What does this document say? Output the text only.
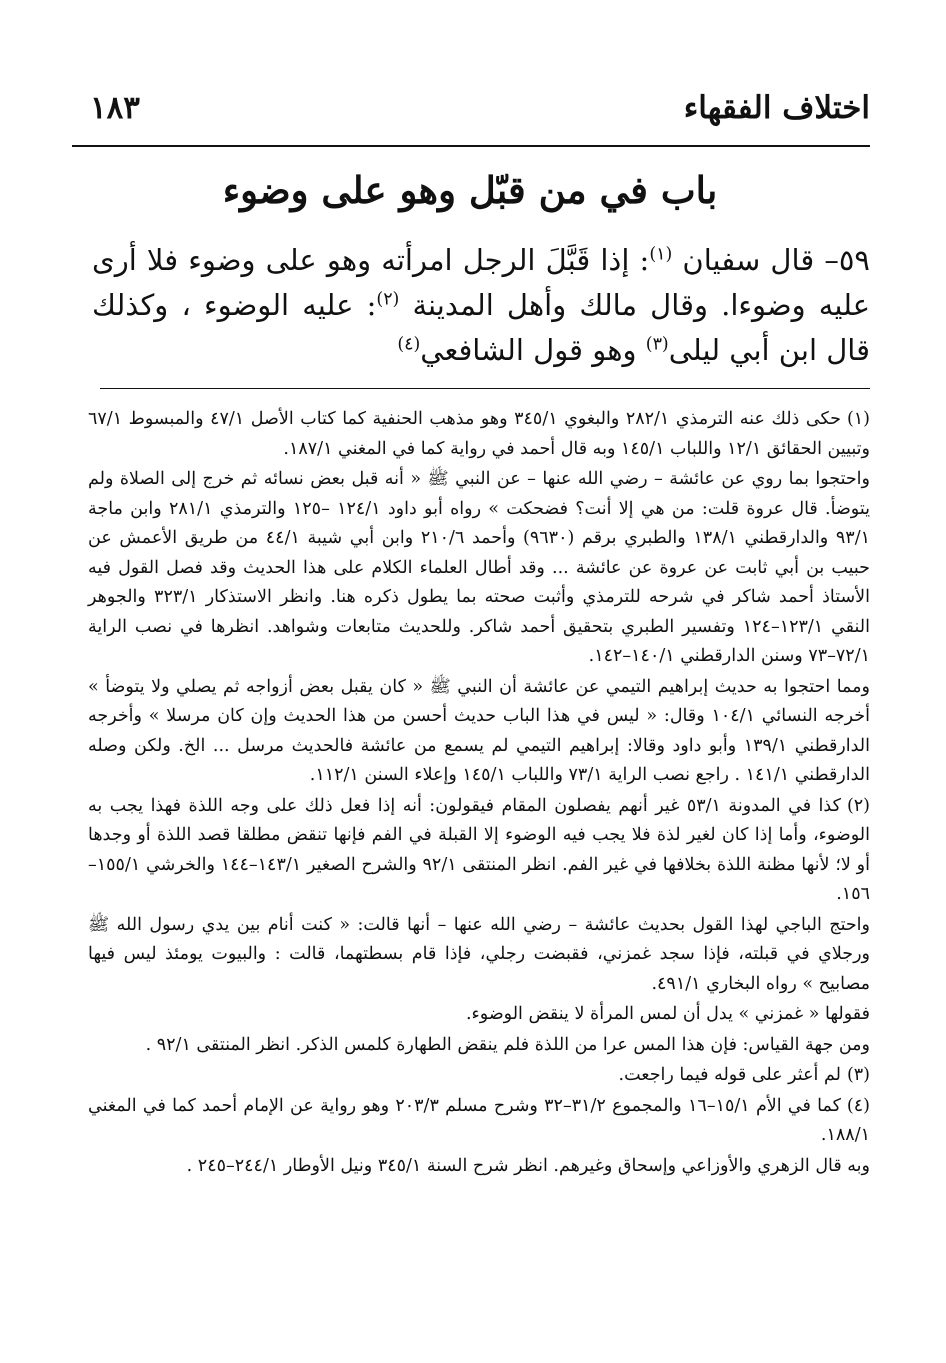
اختلاف الفقهاء
١٨٣
باب في من قبّل وهو على وضوء

٥٩– قال سفيان $^{(١)}$: إذا قَبَّلَ الرجل امرأته وهو على وضوء فلا أرى عليه وضوءا. وقال مالك وأهل المدينة $^{(٢)}$: عليه الوضوء ، وكذلك قال ابن أبي ليلى$^{(٣)}$ وهو قول الشافعي$^{(٤)}$

(١)حكى ذلك عنه الترمذي ٢٨٢/١ والبغوي ٣٤٥/١ وهو مذهب الحنفية كما كتاب الأصل ٤٧/١ والمبسوط ٦٧/١ وتبيين الحقائق ١٢/١ واللباب ١٤٥/١ وبه قال أحمد في رواية كما في المغني ١٨٧/١.

واحتجوا بما روي عن عائشة – رضي الله عنها – عن النبي ﷺ « أنه قبل بعض نسائه ثم خرج إلى الصلاة ولم يتوضأ. قال عروة قلت: من هي إلا أنت؟ فضحكت » رواه أبو داود ١٢٤/١ –١٢٥ والترمذي ٢٨١/١ وابن ماجة ٩٣/١ والدارقطني ١٣٨/١ والطبري برقم (٩٦٣٠) وأحمد ٢١٠/٦ وابن أبي شيبة ٤٤/١ من طريق الأعمش عن حبيب بن أبي ثابت عن عروة عن عائشة ... وقد أطال العلماء الكلام على هذا الحديث وقد فصل القول فيه الأستاذ أحمد شاكر في شرحه للترمذي وأثبت صحته بما يطول ذكره هنا. وانظر الاستذكار ٣٢٣/١ والجوهر النقي ١٢٣/١–١٢٤ وتفسير الطبري بتحقيق أحمد شاكر. وللحديث متابعات وشواهد. انظرها في نصب الراية ٧٢/١–٧٣ وسنن الدارقطني ١٤٠/١–١٤٢.

ومما احتجوا به حديث إبراهيم التيمي عن عائشة أن النبي ﷺ « كان يقبل بعض أزواجه ثم يصلي ولا يتوضأ » أخرجه النسائي ١٠٤/١ وقال: « ليس في هذا الباب حديث أحسن من هذا الحديث وإن كان مرسلا » وأخرجه الدارقطني ١٣٩/١ وأبو داود وقالا: إبراهيم التيمي لم يسمع من عائشة فالحديث مرسل ... الخ. ولكن وصله الدارقطني ١٤١/١ . راجع نصب الراية ٧٣/١ واللباب ١٤٥/١ وإعلاء السنن ١١٢/١.

(٢)كذا في المدونة ٥٣/١ غير أنهم يفصلون المقام فيقولون: أنه إذا فعل ذلك على وجه اللذة فهذا يجب به الوضوء، وأما إذا كان لغير لذة فلا يجب فيه الوضوء إلا القبلة في الفم فإنها تنقض مطلقا قصد اللذة أو وجدها أو لا؛ لأنها مظنة اللذة بخلافها في غير الفم. انظر المنتقى ٩٢/١ والشرح الصغير ١٤٣/١–١٤٤ والخرشي ١٥٥/١–١٥٦.

واحتج الباجي لهذا القول بحديث عائشة – رضي الله عنها – أنها قالت: « كنت أنام بين يدي رسول الله ﷺ ورجلاي في قبلته، فإذا سجد غمزني، فقبضت رجلي، فإذا قام بسطتهما، قالت : والبيوت يومئذ ليس فيها مصابيح » رواه البخاري ٤٩١/١.

فقولها « غمزني » يدل أن لمس المرأة لا ينقض الوضوء.

ومن جهة القياس: فإن هذا المس عرا من اللذة فلم ينقض الطهارة كلمس الذكر. انظر المنتقى ٩٢/١ .

(٣)لم أعثر على قوله فيما راجعت.

(٤)كما في الأم ١٥/١–١٦ والمجموع ٣١/٢–٣٢ وشرح مسلم ٢٠٣/٣ وهو رواية عن الإمام أحمد كما في المغني ١٨٨/١.

وبه قال الزهري والأوزاعي وإسحاق وغيرهم. انظر شرح السنة ٣٤٥/١ ونيل الأوطار ٢٤٤/١–٢٤٥ .
